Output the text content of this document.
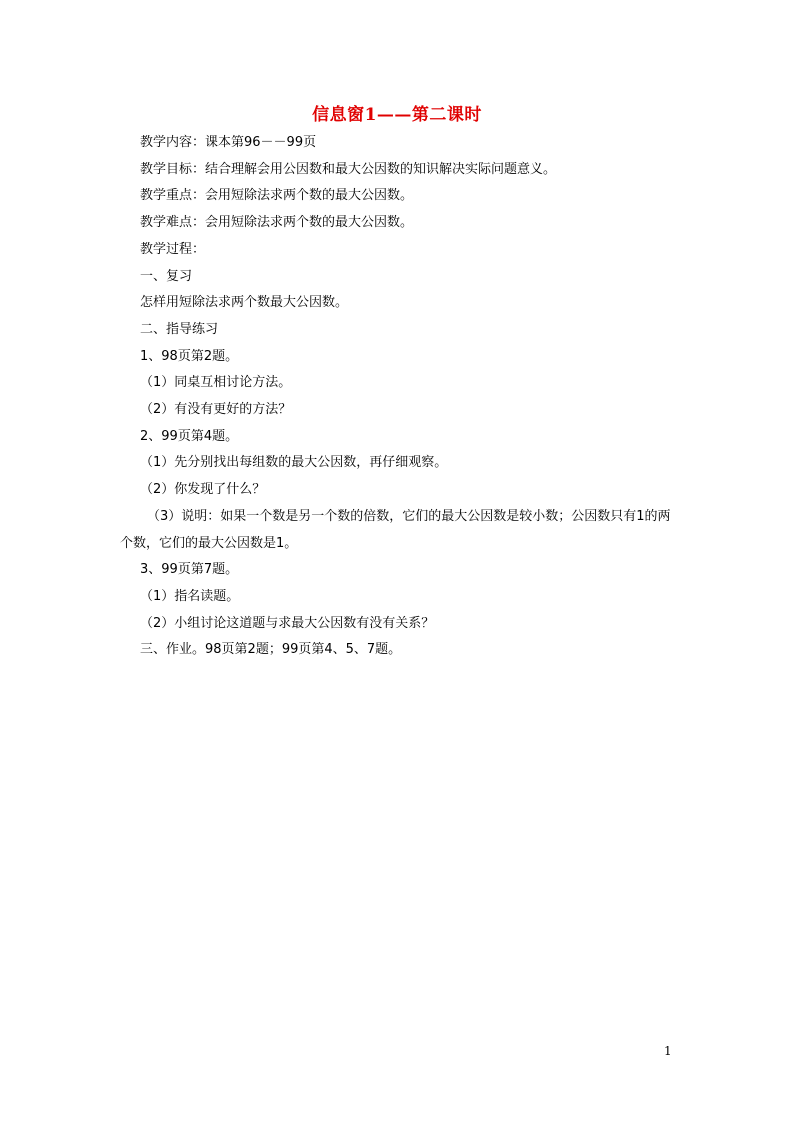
信息窗1——第二课时
教学内容：课本第96－－99页
教学目标：结合理解会用公因数和最大公因数的知识解决实际问题意义。
教学重点：会用短除法求两个数的最大公因数。
教学难点：会用短除法求两个数的最大公因数。
教学过程：
一、复习
怎样用短除法求两个数最大公因数。
二、指导练习
1、98页第2题。
（1）同桌互相讨论方法。
（2）有没有更好的方法？
2、99页第4题。
（1）先分别找出每组数的最大公因数，再仔细观察。
（2）你发现了什么？
（3）说明：如果一个数是另一个数的倍数，它们的最大公因数是较小数；公因数只有1的两个数，它们的最大公因数是1。
3、99页第7题。
（1）指名读题。
（2）小组讨论这道题与求最大公因数有没有关系？
三、作业。98页第2题；99页第4、5、7题。
1
